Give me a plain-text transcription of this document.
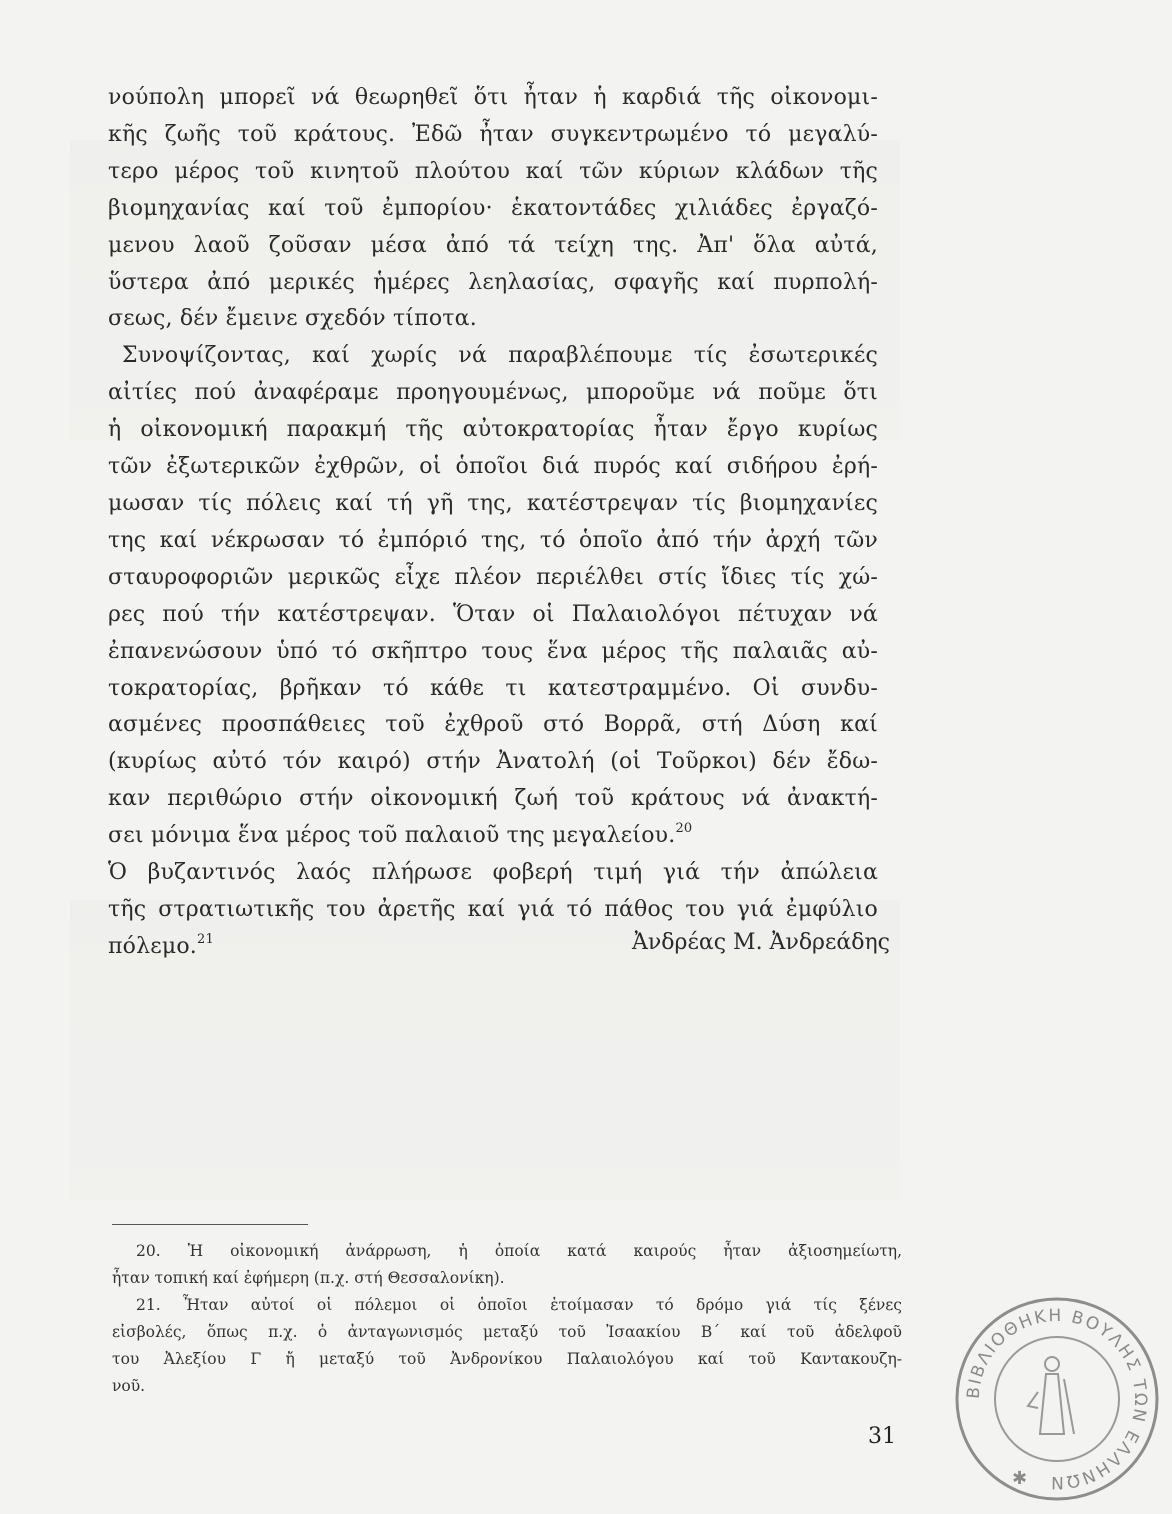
νούπολη μπορεῖ νά θεωρηθεῖ ὅτι ἦταν ἡ καρδιά τῆς οἰκονομι-
κῆς ζωῆς τοῦ κράτους. Ἐδῶ ἦταν συγκεντρωμένο τό μεγαλύ-
τερο μέρος τοῦ κινητοῦ πλούτου καί τῶν κύριων κλάδων τῆς
βιομηχανίας καί τοῦ ἐμπορίου· ἑκατοντάδες χιλιάδες ἐργαζό-
μενου λαοῦ ζοῦσαν μέσα ἀπό τά τείχη της. Ἀπ' ὅλα αὐτά,
ὕστερα ἀπό μερικές ἡμέρες λεηλασίας, σφαγῆς καί πυρπολή-
σεως, δέν ἔμεινε σχεδόν τίποτα.
Συνοψίζοντας, καί χωρίς νά παραβλέπουμε τίς ἐσωτερικές
αἰτίες πού ἀναφέραμε προηγουμένως, μποροῦμε νά ποῦμε ὅτι
ἡ οἰκονομική παρακμή τῆς αὐτοκρατορίας ἦταν ἔργο κυρίως
τῶν ἐξωτερικῶν ἐχθρῶν, οἱ ὁποῖοι διά πυρός καί σιδήρου ἐρή-
μωσαν τίς πόλεις καί τή γῆ της, κατέστρεψαν τίς βιομηχανίες
της καί νέκρωσαν τό ἐμπόριό της, τό ὁποῖο ἀπό τήν ἀρχή τῶν
σταυροφοριῶν μερικῶς εἶχε πλέον περιέλθει στίς ἴδιες τίς χώ-
ρες πού τήν κατέστρεψαν. Ὅταν οἱ Παλαιολόγοι πέτυχαν νά
ἐπανενώσουν ὑπό τό σκῆπτρο τους ἕνα μέρος τῆς παλαιᾶς αὐ-
τοκρατορίας, βρῆκαν τό κάθε τι κατεστραμμένο. Οἱ συνδυ-
ασμένες προσπάθειες τοῦ ἐχθροῦ στό Βορρᾶ, στή Δύση καί
(κυρίως αὐτό τόν καιρό) στήν Ἀνατολή (οἱ Τοῦρκοι) δέν ἔδω-
καν περιθώριο στήν οἰκονομική ζωή τοῦ κράτους νά ἀνακτή-
σει μόνιμα ἕνα μέρος τοῦ παλαιοῦ της μεγαλείου.$^{20}$
Ὁ βυζαντινός λαός πλήρωσε φοβερή τιμή γιά τήν ἀπώλεια
τῆς στρατιωτικῆς του ἀρετῆς καί γιά τό πάθος του γιά ἐμφύλιο
πόλεμο.$^{21}$	Ἀνδρέας Μ. Ἀνδρεάδης
20. Ἡ οἰκονομική ἀνάρρωση, ἡ ὁποία κατά καιρούς ἦταν ἀξιοσημείωτη,
ἦταν τοπική καί ἐφήμερη (π.χ. στή Θεσσαλονίκη).
21. Ἦταν αὐτοί οἱ πόλεμοι οἱ ὁποῖοι ἑτοίμασαν τό δρόμο γιά τίς ξένες
εἰσβολές, ὅπως π.χ. ὁ ἀνταγωνισμός μεταξύ τοῦ Ἰσαακίου Β΄ καί τοῦ ἀδελφοῦ
του Ἀλεξίου Γ ἤ μεταξύ τοῦ Ἀνδρονίκου Παλαιολόγου καί τοῦ Καντακουζη-
νοῦ.
31
ΒΙΒΛΙΟΘΗΚΗ ΒΟΥΛΗΣ ΤΩΝ ΕΛΛΗΝΩΝ
✱
